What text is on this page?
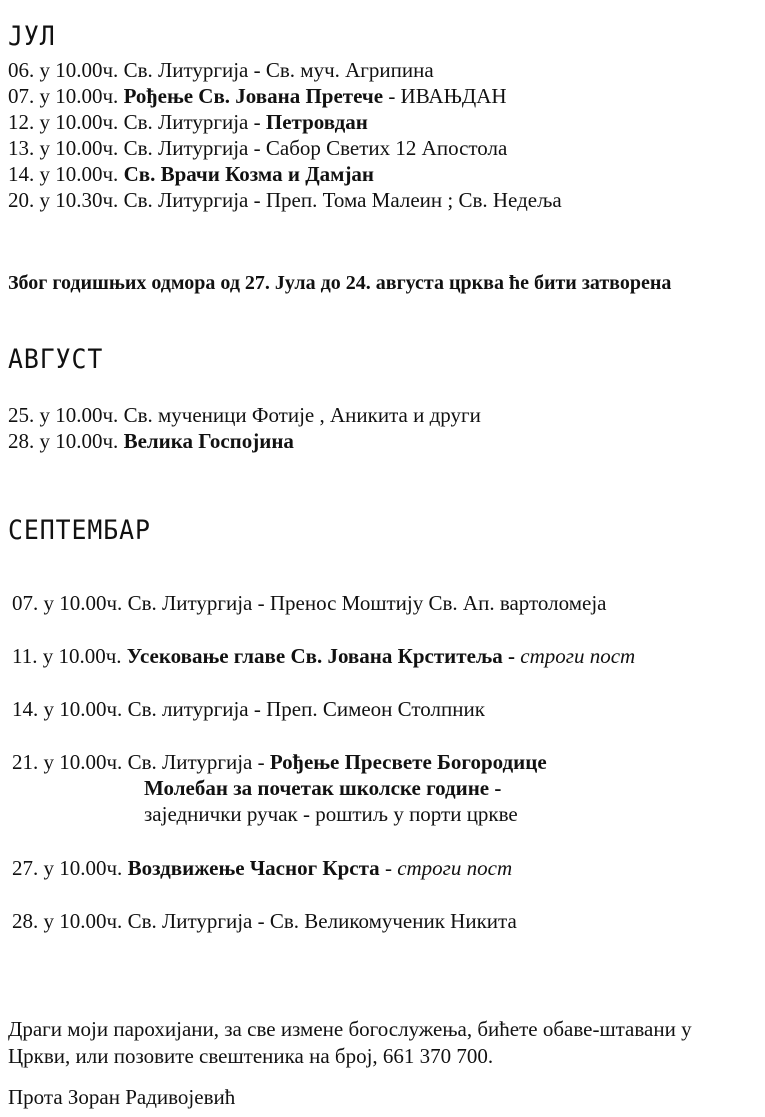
ЈУЛ
06. у 10.00ч. Св. Литургија - Св. муч. Агрипина
07. у 10.00ч. Рођење Св. Јована Претече - ИВАЊДАН
12. у 10.00ч. Св. Литургија - Петровдан
13. у 10.00ч. Св. Литургија - Сабор Светих 12 Апостола
14. у 10.00ч. Св. Врачи Козма и Дамјан
20. у 10.30ч. Св. Литургија - Преп. Тома Малеин ; Св. Недеља
Због годишњих одмора од 27. Јула до 24. августа црква ће бити затворена
АВГУСТ
25. у 10.00ч. Св. мученици Фотије , Аникита и други
28. у 10.00ч. Велика Госпојина
СЕПТЕМБАР
07. у 10.00ч. Св. Литургија - Пренос Моштију Св. Ап. вартоломеја
11. у 10.00ч. Усековање главе Св. Јована Крститеља - строги пост
14. у 10.00ч. Св. литургија - Преп. Симеон Столпник
21. у 10.00ч. Св. Литургија - Рођење Пресвете Богородице
Молебан за почетак школске године -
заједнички ручак - роштиљ у порти цркве
27. у 10.00ч. Воздвижење Часног Крста - строги пост
28. у 10.00ч. Св. Литургија - Св. Великомученик Никита
Драги моји парохијани, за све измене богослужења, бићете обаве-штавани у Цркви, или позовите свештеника на број, 661 370 700.
Прота Зоран Радивојевић
